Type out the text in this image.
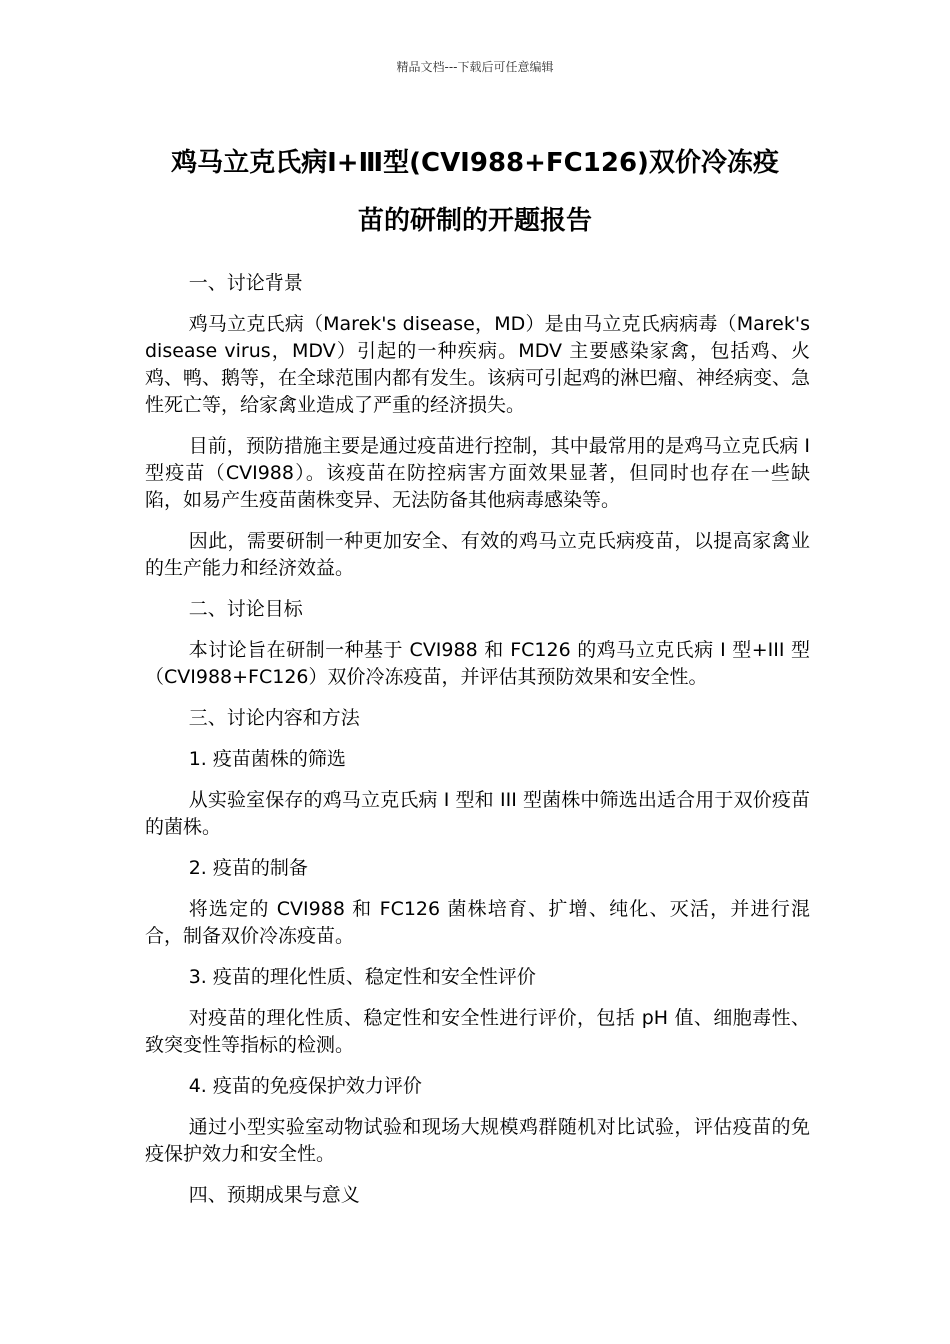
精品文档---下载后可任意编辑
鸡马立克氏病Ⅰ+Ⅲ型(CVI988+FC126)双价冷冻疫
苗的研制的开题报告

一、讨论背景

鸡马立克氏病（Marek's disease，MD）是由马立克氏病病毒（Marek's disease virus，MDV）引起的一种疾病。MDV 主要感染家禽，包括鸡、火鸡、鸭、鹅等，在全球范围内都有发生。该病可引起鸡的淋巴瘤、神经病变、急性死亡等，给家禽业造成了严重的经济损失。

目前，预防措施主要是通过疫苗进行控制，其中最常用的是鸡马立克氏病 I 型疫苗（CVI988）。该疫苗在防控病害方面效果显著，但同时也存在一些缺陷，如易产生疫苗菌株变异、无法防备其他病毒感染等。

因此，需要研制一种更加安全、有效的鸡马立克氏病疫苗，以提高家禽业的生产能力和经济效益。

二、讨论目标

本讨论旨在研制一种基于 CVI988 和 FC126 的鸡马立克氏病 I 型+III 型（CVI988+FC126）双价冷冻疫苗，并评估其预防效果和安全性。

三、讨论内容和方法

1. 疫苗菌株的筛选

从实验室保存的鸡马立克氏病 I 型和 III 型菌株中筛选出适合用于双价疫苗的菌株。

2. 疫苗的制备

将选定的 CVI988 和 FC126 菌株培育、扩增、纯化、灭活，并进行混合，制备双价冷冻疫苗。

3. 疫苗的理化性质、稳定性和安全性评价

对疫苗的理化性质、稳定性和安全性进行评价，包括 pH 值、细胞毒性、致突变性等指标的检测。

4. 疫苗的免疫保护效力评价

通过小型实验室动物试验和现场大规模鸡群随机对比试验，评估疫苗的免疫保护效力和安全性。

四、预期成果与意义
